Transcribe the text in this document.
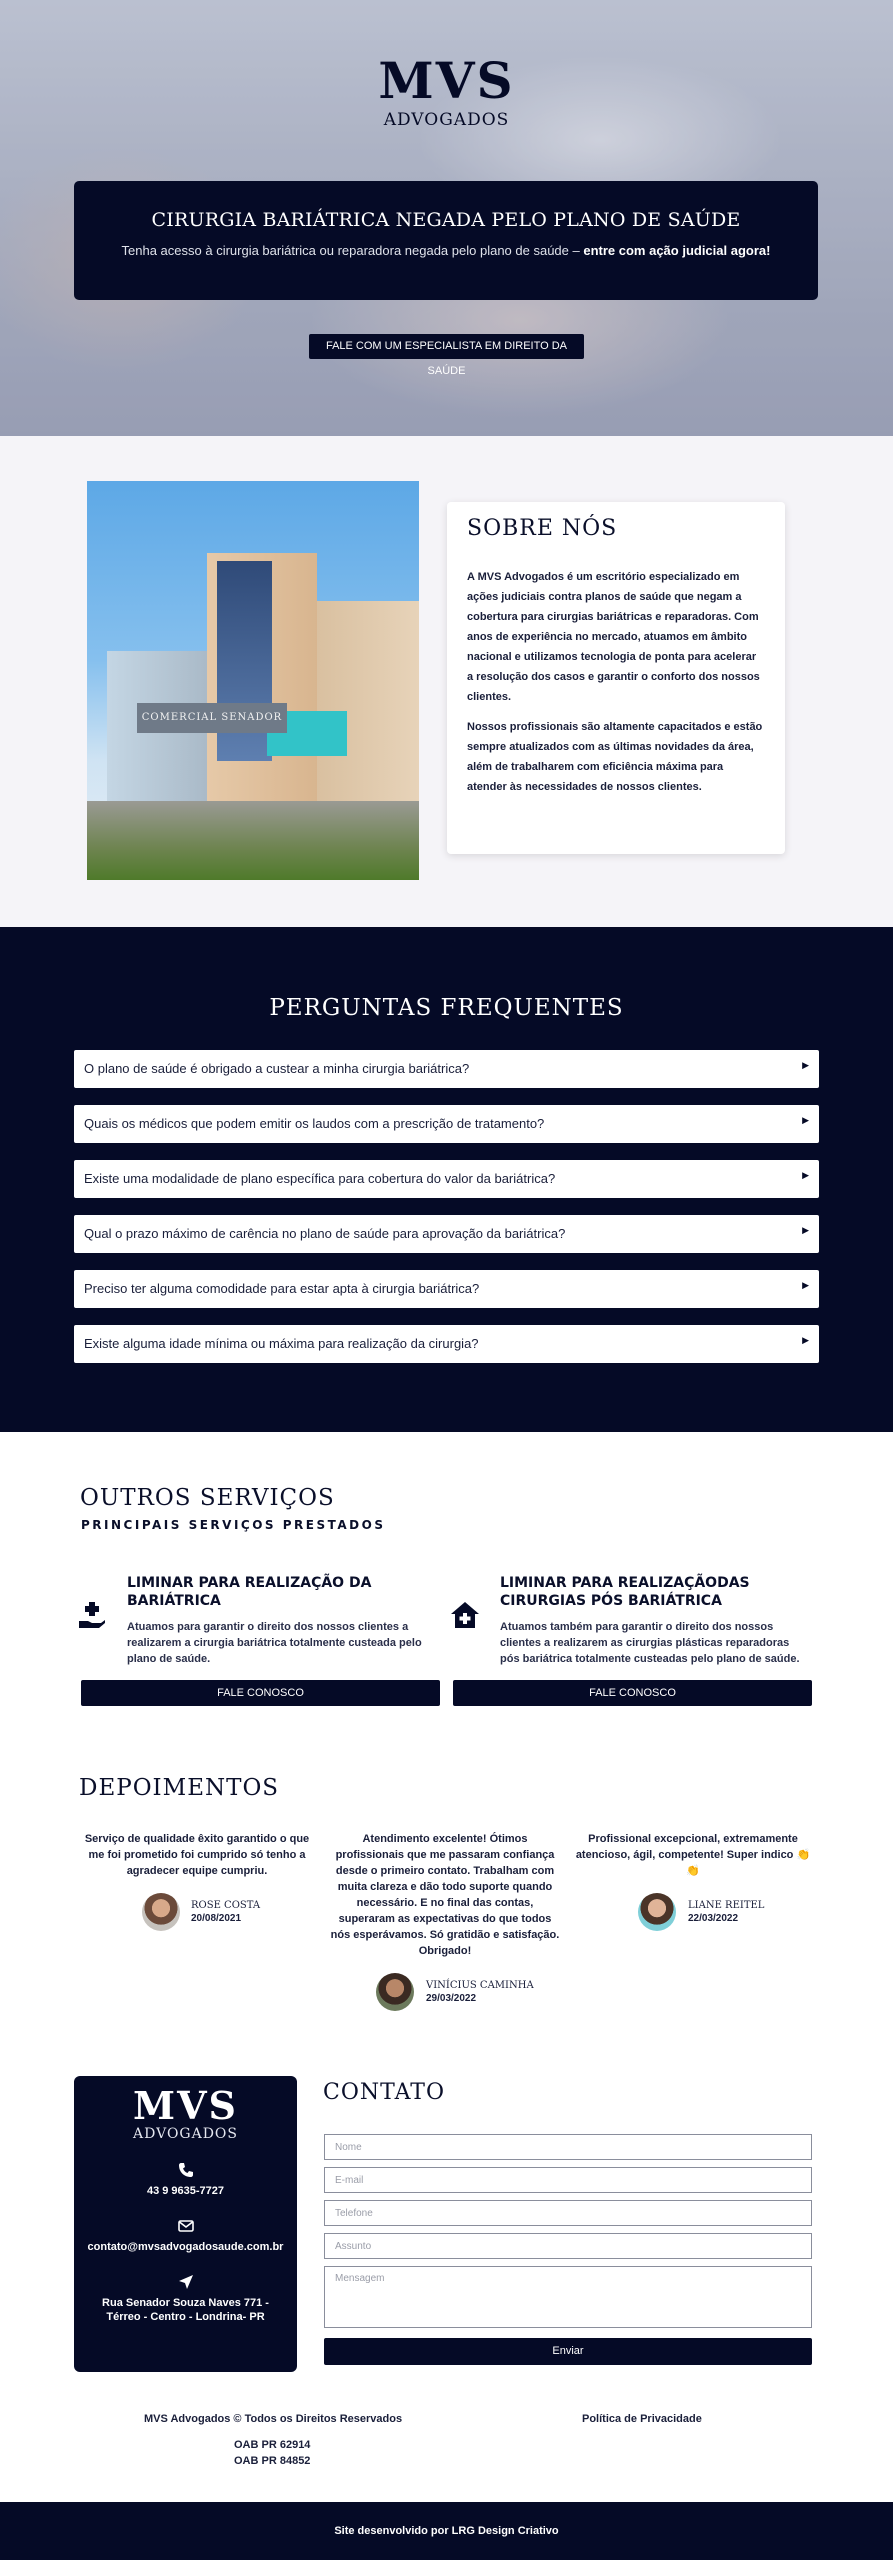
MVS
ADVOGADOS
CIRURGIA BARIÁTRICA NEGADA PELO PLANO DE SAÚDE
Tenha acesso à cirurgia bariátrica ou reparadora negada pelo plano de saúde – entre com ação judicial agora!
FALE COM UM ESPECIALISTA EM DIREITO DA SAÚDE
COMERCIAL SENADOR
SOBRE NÓS

A MVS Advogados é um escritório especializado em ações judiciais contra planos de saúde que negam a cobertura para cirurgias bariátricas e reparadoras. Com anos de experiência no mercado, atuamos em âmbito nacional e utilizamos tecnologia de ponta para acelerar a resolução dos casos e garantir o conforto dos nossos clientes.

Nossos profissionais são altamente capacitados e estão sempre atualizados com as últimas novidades da área, além de trabalharem com eficiência máxima para atender às necessidades de nossos clientes.

PERGUNTAS FREQUENTES
O plano de saúde é obrigado a custear a minha cirurgia bariátrica?	▶
Quais os médicos que podem emitir os laudos com a prescrição de tratamento?	▶
Existe uma modalidade de plano específica para cobertura do valor da bariátrica?	▶
Qual o prazo máximo de carência no plano de saúde para aprovação da bariátrica?	▶
Preciso ter alguma comodidade para estar apta à cirurgia bariátrica?	▶
Existe alguma idade mínima ou máxima para realização da cirurgia?	▶
OUTROS SERVIÇOS
PRINCIPAIS SERVIÇOS PRESTADOS
LIMINAR PARA REALIZAÇÃO DA
BARIÁTRICA
Atuamos para garantir o direito dos nossos clientes a realizarem a cirurgia bariátrica totalmente custeada pelo plano de saúde.
FALE CONOSCO
LIMINAR PARA REALIZAÇÃODAS
CIRURGIAS PÓS BARIÁTRICA
Atuamos também para garantir o direito dos nossos clientes a realizarem as cirurgias plásticas reparadoras pós bariátrica totalmente custeadas pelo plano de saúde.
FALE CONOSCO
DEPOIMENTOS
Serviço de qualidade êxito garantido o que me foi prometido foi cumprido só tenho a agradecer equipe cumpriu.
ROSE COSTA
20/08/2021
Atendimento excelente! Ótimos profissionais que me passaram confiança desde o primeiro contato. Trabalham com muita clareza e dão todo suporte quando necessário. E no final das contas, superaram as expectativas do que todos nós esperávamos. Só gratidão e satisfação. Obrigado!
VINÍCIUS CAMINHA
29/03/2022
Profissional excepcional, extremamente atencioso, ágil, competente! Super indico 👏👏
LIANE REITEL
22/03/2022
MVS
ADVOGADOS
43 9 9635-7727
contato@mvsadvogadosaude.com.br
Rua Senador Souza Naves 771 - Térreo - Centro - Londrina- PR
CONTATO
Nome
E-mail
Telefone
Assunto
Mensagem
Enviar
MVS Advogados © Todos os Direitos Reservados	Política de Privacidade
OAB PR 62914
OAB PR 84852
Site desenvolvido por LRG Design Criativo
